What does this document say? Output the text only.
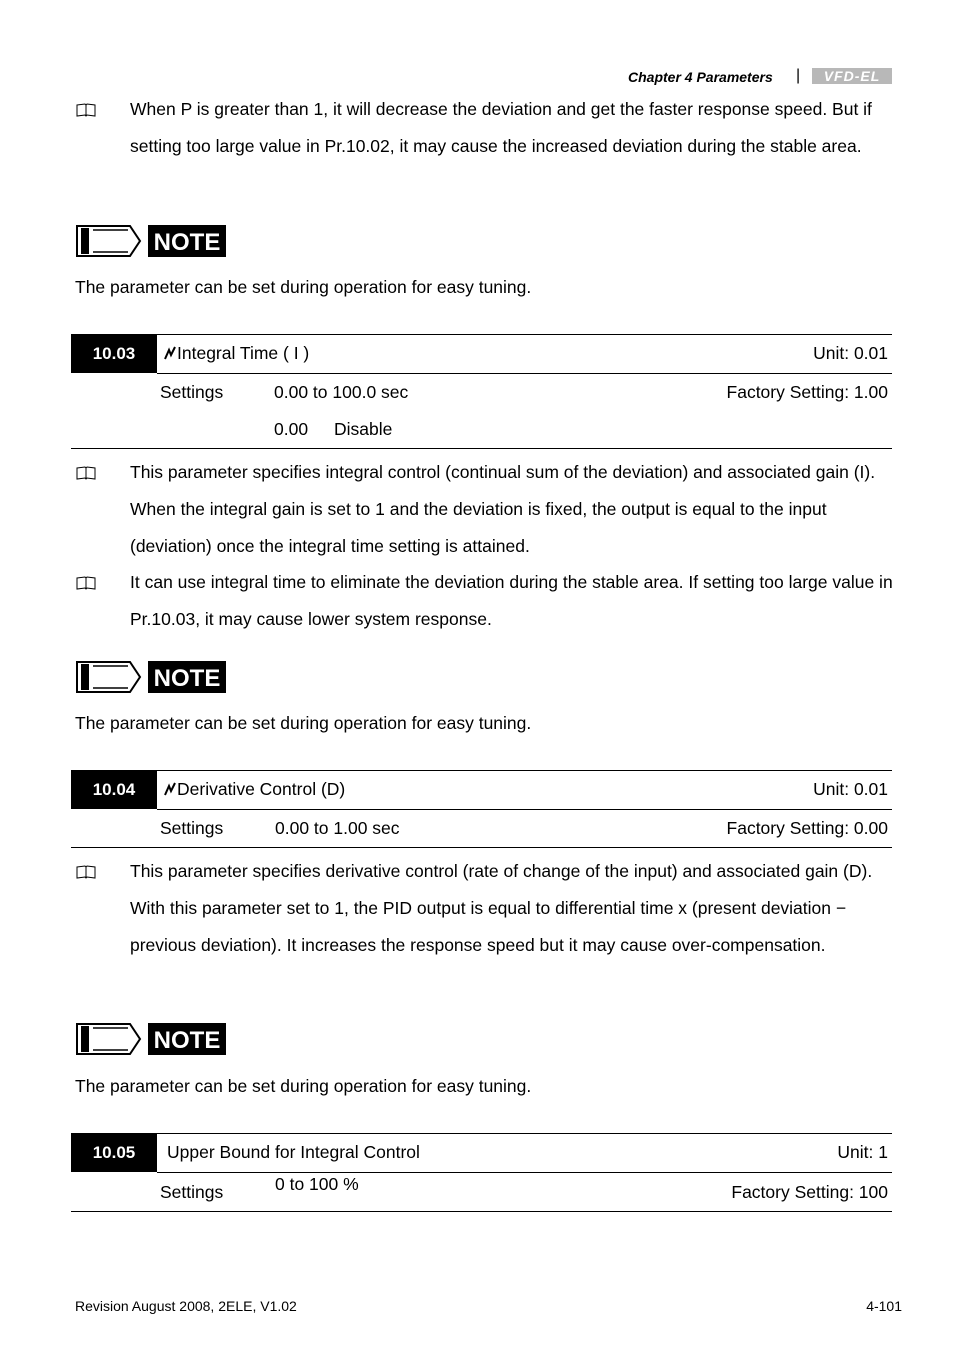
Chapter 4 Parameters |	VFD-EL
When P is greater than 1, it will decrease the deviation and get the faster response speed. But if setting too large value in Pr.10.02, it may cause the increased deviation during the stable area.
NOTE
The parameter can be set during operation for easy tuning.
10.03	Integral Time ( I )	Unit: 0.01
Settings	0.00 to 100.0 sec	Factory Setting: 1.00
0.00 Disable
This parameter specifies integral control (continual sum of the deviation) and associated gain (I). When the integral gain is set to 1 and the deviation is fixed, the output is equal to the input (deviation) once the integral time setting is attained.
It can use integral time to eliminate the deviation during the stable area. If setting too large value in Pr.10.03, it may cause lower system response.
NOTE
The parameter can be set during operation for easy tuning.
10.04	Derivative Control (D)	Unit: 0.01
Settings	0.00 to 1.00 sec	Factory Setting: 0.00
This parameter specifies derivative control (rate of change of the input) and associated gain (D). With this parameter set to 1, the PID output is equal to differential time x (present deviation − previous deviation). It increases the response speed but it may cause over-compensation.
NOTE
The parameter can be set during operation for easy tuning.
10.05	Upper Bound for Integral Control	Unit: 1
Settings	0 to 100 %	Factory Setting: 100
Revision August 2008, 2ELE, V1.02	4-101
